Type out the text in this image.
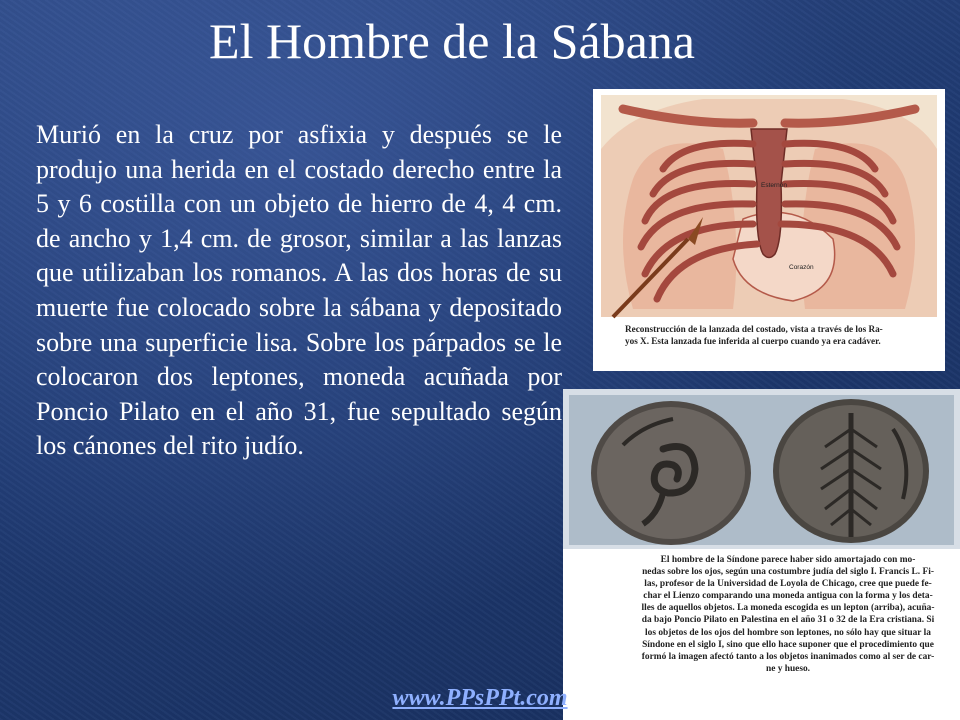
El Hombre de la Sábana
Murió en la cruz por asfixia y después se le produjo una herida en el costado derecho entre la 5 y 6 costilla con un objeto de hierro de 4, 4 cm. de ancho y 1,4 cm. de grosor, similar a las lanzas que utilizaban los romanos. A las dos horas de su muerte fue colocado sobre la sábana y depositado sobre una superficie lisa. Sobre los párpados se le colocaron dos leptones, moneda acuñada por Poncio Pilato en el año 31, fue sepultado según los cánones del rito judío.
Esternón
Corazón
Reconstrucción de la lanzada del costado, vista a través de los Ra-
yos X. Esta lanzada fue inferida al cuerpo cuando ya era cadáver.
El hombre de la Síndone parece haber sido amortajado con mo-
nedas sobre los ojos, según una costumbre judía del siglo I. Francis L. Fi-
las, profesor de la Universidad de Loyola de Chicago, cree que puede fe-
char el Lienzo comparando una moneda antigua con la forma y los deta-
lles de aquellos objetos. La moneda escogida es un lepton (arriba), acuña-
da bajo Poncio Pilato en Palestina en el año 31 o 32 de la Era cristiana. Si
los objetos de los ojos del hombre son leptones, no sólo hay que situar la
Síndone en el siglo I, sino que ello hace suponer que el procedimiento que
formó la imagen afectó tanto a los objetos inanimados como al ser de car-
ne y hueso.
www.PPsPPt.com
